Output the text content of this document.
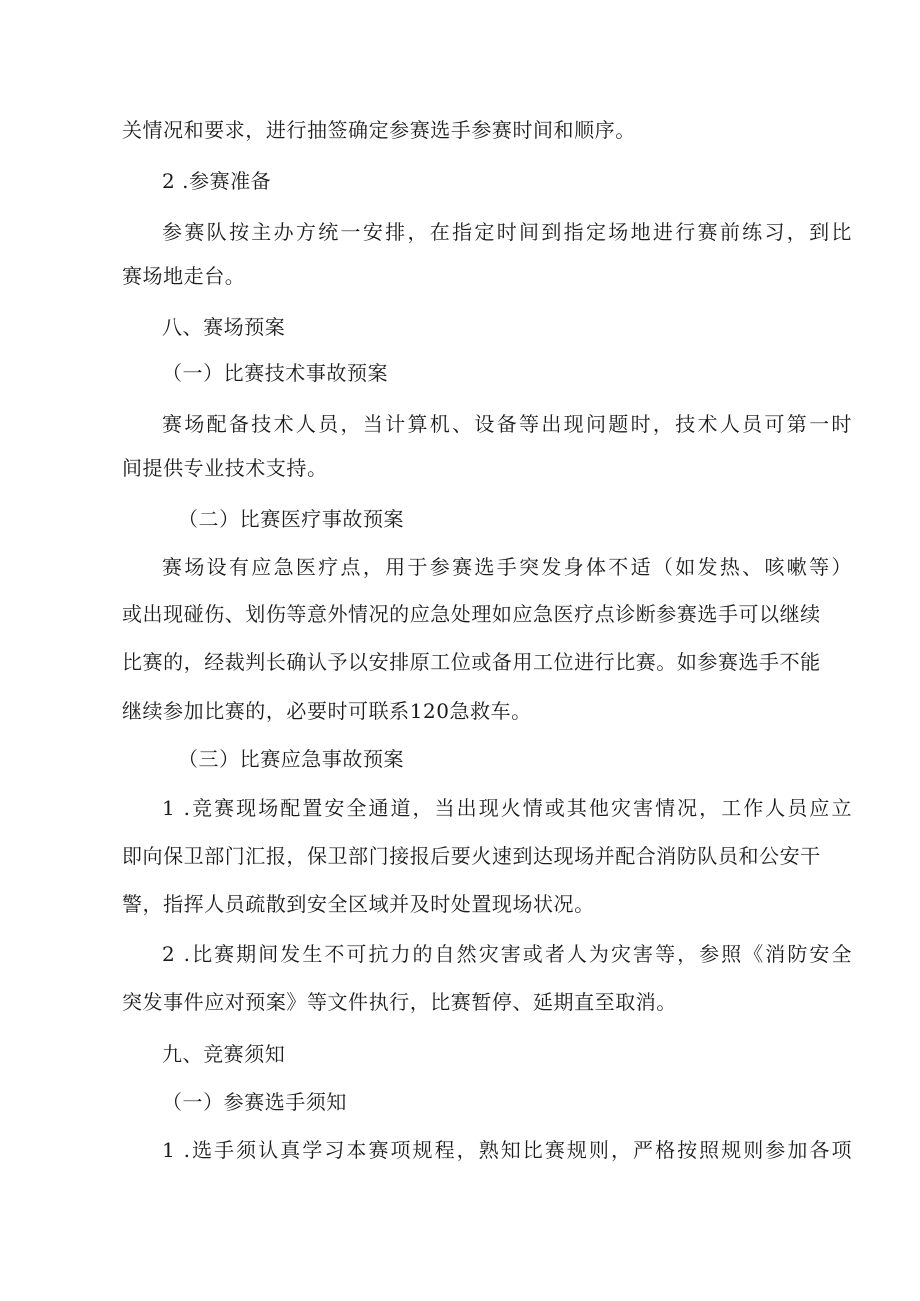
关情况和要求，进行抽签确定参赛选手参赛时间和顺序。
2 .参赛准备
参赛队按主办方统一安排，在指定时间到指定场地进行赛前练习，到比
赛场地走台。
八、赛场预案
（一）比赛技术事故预案
赛场配备技术人员，当计算机、设备等出现问题时，技术人员可第一时
间提供专业技术支持。
（二）比赛医疗事故预案
赛场设有应急医疗点，用于参赛选手突发身体不适（如发热、咳嗽等）
或出现碰伤、划伤等意外情况的应急处理如应急医疗点诊断参赛选手可以继续
比赛的，经裁判长确认予以安排原工位或备用工位进行比赛。如参赛选手不能
继续参加比赛的，必要时可联系120急救车。
（三）比赛应急事故预案
1 .竞赛现场配置安全通道，当出现火情或其他灾害情况，工作人员应立
即向保卫部门汇报，保卫部门接报后要火速到达现场并配合消防队员和公安干
警，指挥人员疏散到安全区域并及时处置现场状况。
2 .比赛期间发生不可抗力的自然灾害或者人为灾害等，参照《消防安全
突发事件应对预案》等文件执行，比赛暂停、延期直至取消。
九、竞赛须知
（一）参赛选手须知
1 .选手须认真学习本赛项规程，熟知比赛规则，严格按照规则参加各项
